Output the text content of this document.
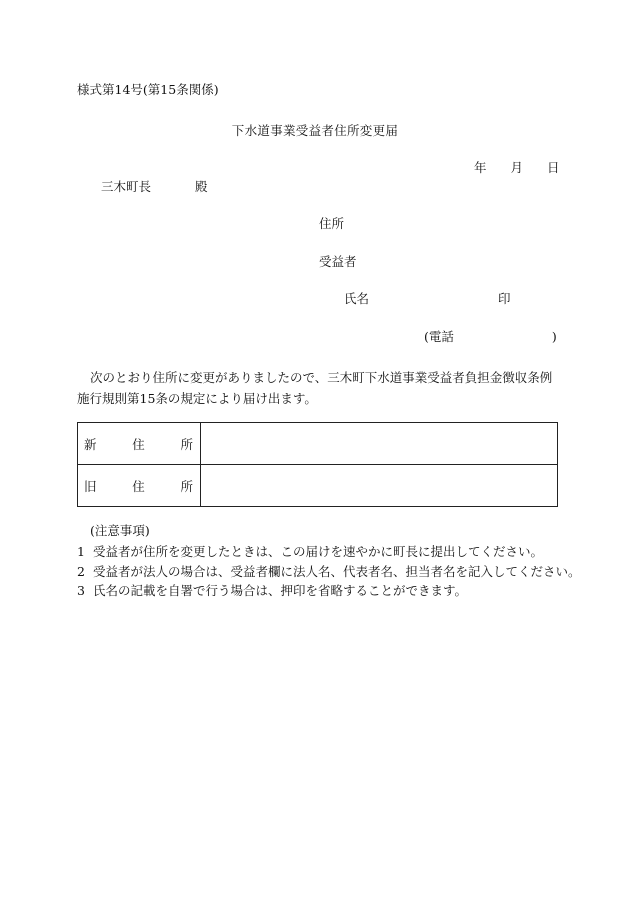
様式第14号(第15条関係)
下水道事業受益者住所変更届
年 月 日
三木町長	殿
住所
受益者
氏名	印
(電話	)
次のとおり住所に変更がありましたので、三木町下水道事業受益者負担金徴収条例施行規則第15条の規定により届け出ます。
新 住 所	

旧 住 所	

(注意事項)
1 受益者が住所を変更したときは、この届けを速やかに町長に提出してください。
2 受益者が法人の場合は、受益者欄に法人名、代表者名、担当者名を記入してください。
3 氏名の記載を自署で行う場合は、押印を省略することができます。
